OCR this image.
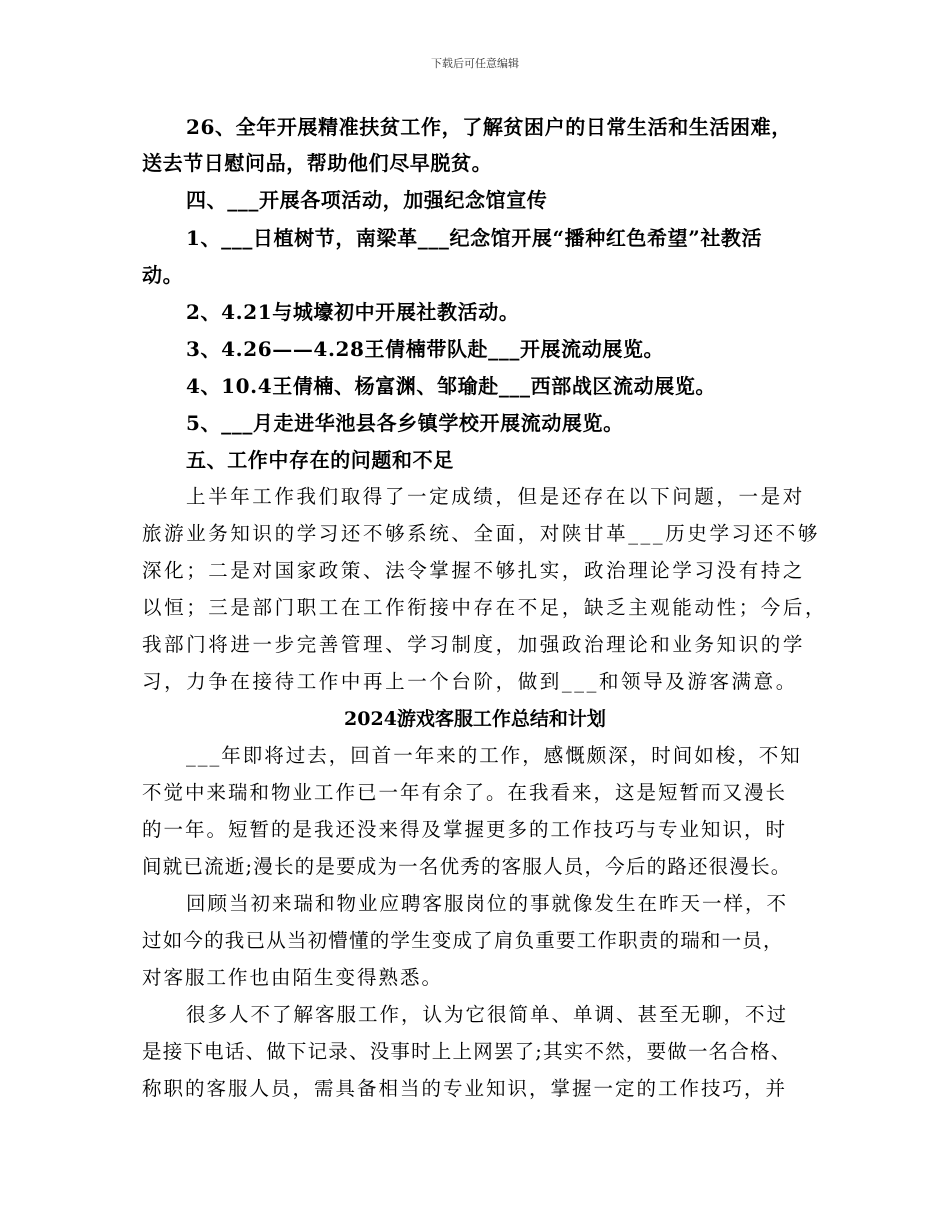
下载后可任意编辑
26、全年开展精准扶贫工作，了解贫困户的日常生活和生活困难，
送去节日慰问品，帮助他们尽早脱贫。
四、___开展各项活动，加强纪念馆宣传
1、___日植树节，南梁革___纪念馆开展“播种红色希望”社教活
动。
2、4.21与城壕初中开展社教活动。
3、4.26——4.28王倩楠带队赴___开展流动展览。
4、10.4王倩楠、杨富渊、邹瑜赴___西部战区流动展览。
5、___月走进华池县各乡镇学校开展流动展览。
五、工作中存在的问题和不足
上半年工作我们取得了一定成绩，但是还存在以下问题，一是对
旅游业务知识的学习还不够系统、全面，对陕甘革___历史学习还不够
深化；二是对国家政策、法令掌握不够扎实，政治理论学习没有持之
以恒；三是部门职工在工作衔接中存在不足，缺乏主观能动性；今后，
我部门将进一步完善管理、学习制度，加强政治理论和业务知识的学
习，力争在接待工作中再上一个台阶，做到___和领导及游客满意。
2024游戏客服工作总结和计划
___年即将过去，回首一年来的工作，感慨颇深，时间如梭，不知
不觉中来瑞和物业工作已一年有余了。在我看来，这是短暂而又漫长
的一年。短暂的是我还没来得及掌握更多的工作技巧与专业知识，时
间就已流逝;漫长的是要成为一名优秀的客服人员，今后的路还很漫长。
回顾当初来瑞和物业应聘客服岗位的事就像发生在昨天一样，不
过如今的我已从当初懵懂的学生变成了肩负重要工作职责的瑞和一员，
对客服工作也由陌生变得熟悉。
很多人不了解客服工作，认为它很简单、单调、甚至无聊，不过
是接下电话、做下记录、没事时上上网罢了;其实不然，要做一名合格、
称职的客服人员，需具备相当的专业知识，掌握一定的工作技巧，并
